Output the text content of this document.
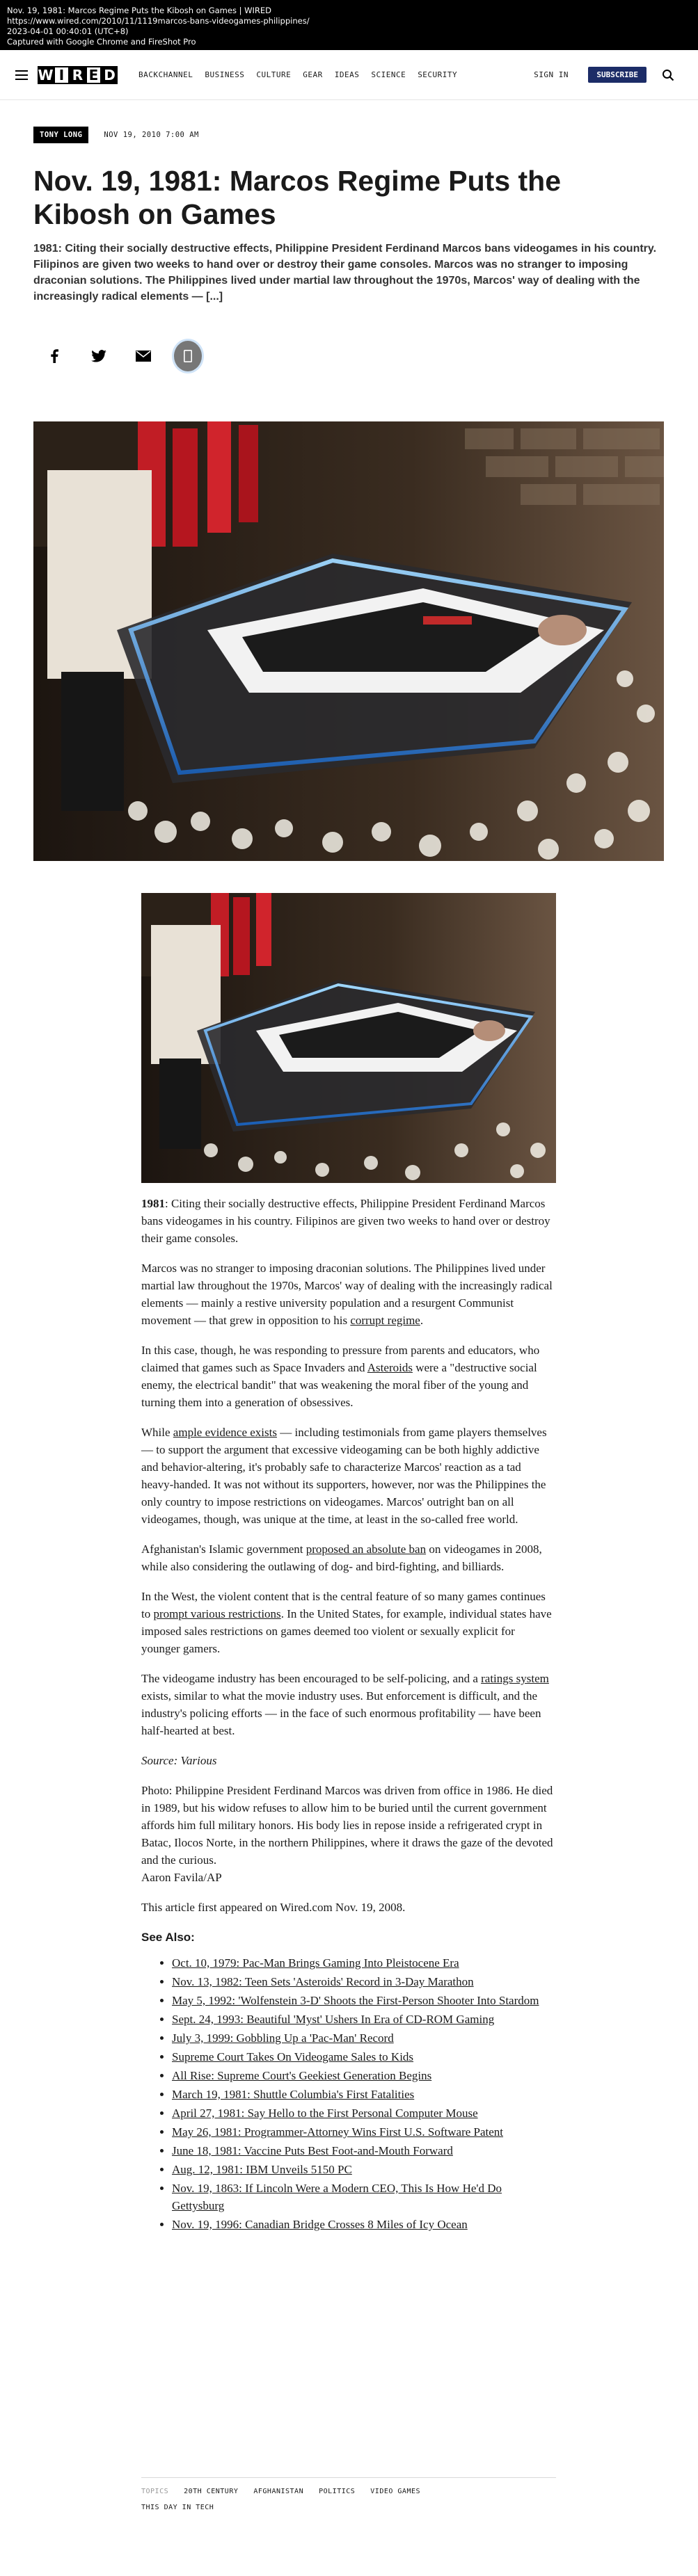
Nov. 19, 1981: Marcos Regime Puts the Kibosh on Games | WIRED
https://www.wired.com/2010/11/1119marcos-bans-videogames-philippines/
2023-04-01 00:40:01 (UTC+8)
Captured with Google Chrome and FireShot Pro
W I R E D	BACKCHANNEL BUSINESS CULTURE GEAR IDEAS SCIENCE SECURITY	SIGN IN	SUBSCRIBE
TONY LONG	NOV 19, 2010 7:00 AM
Nov. 19, 1981: Marcos Regime Puts the Kibosh on Games

1981: Citing their socially destructive effects, Philippine President Ferdinand Marcos bans videogames in his country. Filipinos are given two weeks to hand over or destroy their game consoles. Marcos was no stranger to imposing draconian solutions. The Philippines lived under martial law throughout the 1970s, Marcos' way of dealing with the increasingly radical elements — [...]

1981: Citing their socially destructive effects, Philippine President Ferdinand Marcos bans videogames in his country. Filipinos are given two weeks to hand over or destroy their game consoles.

Marcos was no stranger to imposing draconian solutions. The Philippines lived under martial law throughout the 1970s, Marcos' way of dealing with the increasingly radical elements — mainly a restive university population and a resurgent Communist movement — that grew in opposition to his corrupt regime.

In this case, though, he was responding to pressure from parents and educators, who claimed that games such as Space Invaders and Asteroids were a "destructive social enemy, the electrical bandit" that was weakening the moral fiber of the young and turning them into a generation of obsessives.

While ample evidence exists — including testimonials from game players themselves — to support the argument that excessive videogaming can be both highly addictive and behavior-altering, it's probably safe to characterize Marcos' reaction as a tad heavy-handed. It was not without its supporters, however, nor was the Philippines the only country to impose restrictions on videogames. Marcos' outright ban on all videogames, though, was unique at the time, at least in the so-called free world.

Afghanistan's Islamic government proposed an absolute ban on videogames in 2008, while also considering the outlawing of dog- and bird-fighting, and billiards.

In the West, the violent content that is the central feature of so many games continues to prompt various restrictions. In the United States, for example, individual states have imposed sales restrictions on games deemed too violent or sexually explicit for younger gamers.

The videogame industry has been encouraged to be self-policing, and a ratings system exists, similar to what the movie industry uses. But enforcement is difficult, and the industry's policing efforts — in the face of such enormous profitability — have been half-hearted at best.

Source: Various

Photo: Philippine President Ferdinand Marcos was driven from office in 1986. He died in 1989, but his widow refuses to allow him to be buried until the current government affords him full military honors. His body lies in repose inside a refrigerated crypt in Batac, Ilocos Norte, in the northern Philippines, where it draws the gaze of the devoted and the curious.
Aaron Favila/AP

This article first appeared on Wired.com Nov. 19, 2008.

See Also:
• Oct. 10, 1979: Pac-Man Brings Gaming Into Pleistocene Era
• Nov. 13, 1982: Teen Sets 'Asteroids' Record in 3-Day Marathon
• May 5, 1992: 'Wolfenstein 3-D' Shoots the First-Person Shooter Into Stardom
• Sept. 24, 1993: Beautiful 'Myst' Ushers In Era of CD-ROM Gaming
• July 3, 1999: Gobbling Up a 'Pac-Man' Record
• Supreme Court Takes On Videogame Sales to Kids
• All Rise: Supreme Court's Geekiest Generation Begins
• March 19, 1981: Shuttle Columbia's First Fatalities
• April 27, 1981: Say Hello to the First Personal Computer Mouse
• May 26, 1981: Programmer-Attorney Wins First U.S. Software Patent
• June 18, 1981: Vaccine Puts Best Foot-and-Mouth Forward
• Aug. 12, 1981: IBM Unveils 5150 PC
• Nov. 19, 1863: If Lincoln Were a Modern CEO, This Is How He'd Do Gettysburg
• Nov. 19, 1996: Canadian Bridge Crosses 8 Miles of Icy Ocean
TOPICS 20TH CENTURY AFGHANISTAN POLITICS VIDEO GAMES
THIS DAY IN TECH
